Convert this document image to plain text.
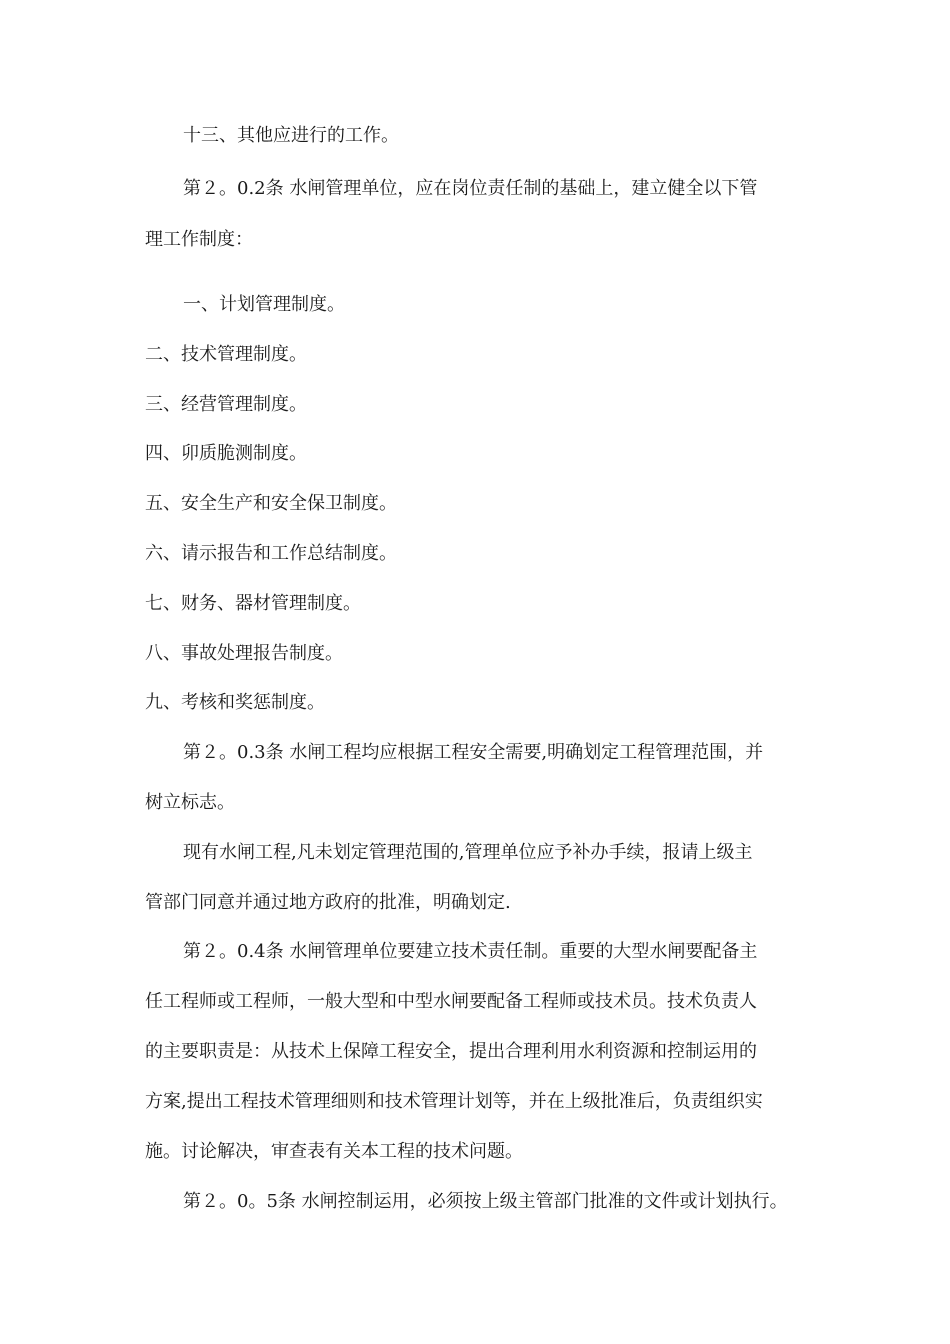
十三、其他应进行的工作。
第２。0.2条 水闸管理单位，应在岗位责任制的基础上，建立健全以下管
理工作制度：
一、计划管理制度。
二、技术管理制度。
三、经营管理制度。
四、卯质脆测制度。
五、安全生产和安全保卫制度。
六、请示报告和工作总结制度。
七、财务、器材管理制度。
八、事故处理报告制度。
九、考核和奖惩制度。
第２。0.3条 水闸工程均应根据工程安全需要,明确划定工程管理范围，并
树立标志。
现有水闸工程,凡未划定管理范围的,管理单位应予补办手续，报请上级主
管部门同意并通过地方政府的批准，明确划定.
第２。0.4条 水闸管理单位要建立技术责任制。重要的大型水闸要配备主
任工程师或工程师，一般大型和中型水闸要配备工程师或技术员。技术负责人
的主要职责是：从技术上保障工程安全，提出合理利用水利资源和控制运用的
方案,提出工程技术管理细则和技术管理计划等，并在上级批准后，负责组织实
施。讨论解决，审查表有关本工程的技术问题。
第２。0。5条 水闸控制运用，必须按上级主管部门批准的文件或计划执行。
